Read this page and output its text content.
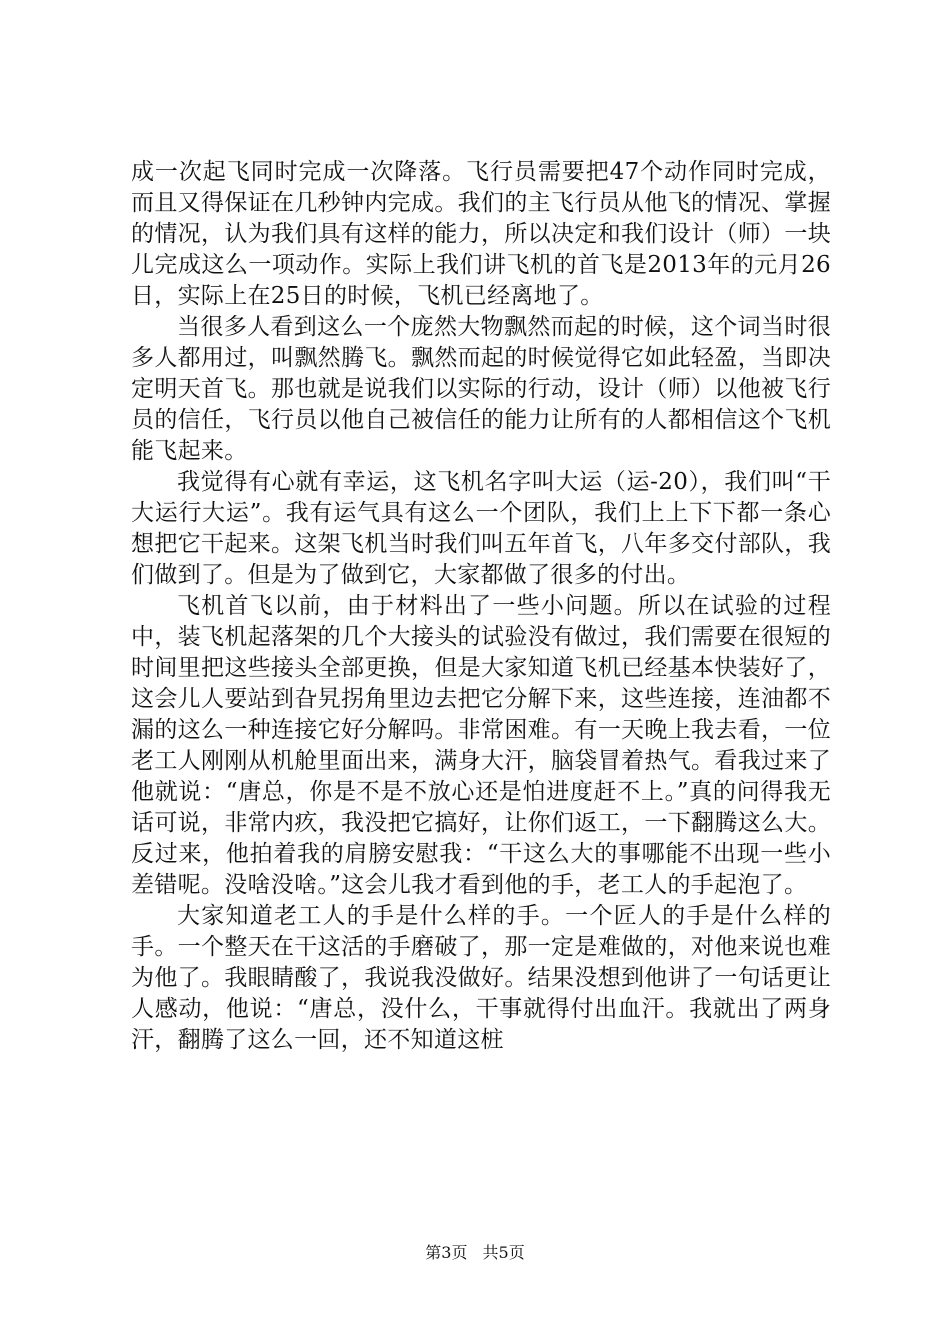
成一次起飞同时完成一次降落。飞行员需要把47个动作同时完成，而且又得保证在几秒钟内完成。我们的主飞行员从他飞的情况、掌握的情况，认为我们具有这样的能力，所以决定和我们设计（师）一块儿完成这么一项动作。实际上我们讲飞机的首飞是2013年的元月26日，实际上在25日的时候，飞机已经离地了。

当很多人看到这么一个庞然大物飘然而起的时候，这个词当时很多人都用过，叫飘然腾飞。飘然而起的时候觉得它如此轻盈，当即决定明天首飞。那也就是说我们以实际的行动，设计（师）以他被飞行员的信任，飞行员以他自己被信任的能力让所有的人都相信这个飞机能飞起来。

我觉得有心就有幸运，这飞机名字叫大运（运-20），我们叫“干大运行大运”。我有运气具有这么一个团队，我们上上下下都一条心想把它干起来。这架飞机当时我们叫五年首飞，八年多交付部队，我们做到了。但是为了做到它，大家都做了很多的付出。

飞机首飞以前，由于材料出了一些小问题。所以在试验的过程中，装飞机起落架的几个大接头的试验没有做过，我们需要在很短的时间里把这些接头全部更换，但是大家知道飞机已经基本快装好了，这会儿人要站到旮旯拐角里边去把它分解下来，这些连接，连油都不漏的这么一种连接它好分解吗。非常困难。有一天晚上我去看，一位老工人刚刚从机舱里面出来，满身大汗，脑袋冒着热气。看我过来了他就说：“唐总，你是不是不放心还是怕进度赶不上。”真的问得我无话可说，非常内疚，我没把它搞好，让你们返工，一下翻腾这么大。反过来，他拍着我的肩膀安慰我：“干这么大的事哪能不出现一些小差错呢。没啥没啥。”这会儿我才看到他的手，老工人的手起泡了。

大家知道老工人的手是什么样的手。一个匠人的手是什么样的手。一个整天在干这活的手磨破了，那一定是难做的，对他来说也难为他了。我眼睛酸了，我说我没做好。结果没想到他讲了一句话更让人感动，他说：“唐总，没什么，干事就得付出血汗。我就出了两身汗，翻腾了这么一回，还不知道这桩

第3页 共5页
